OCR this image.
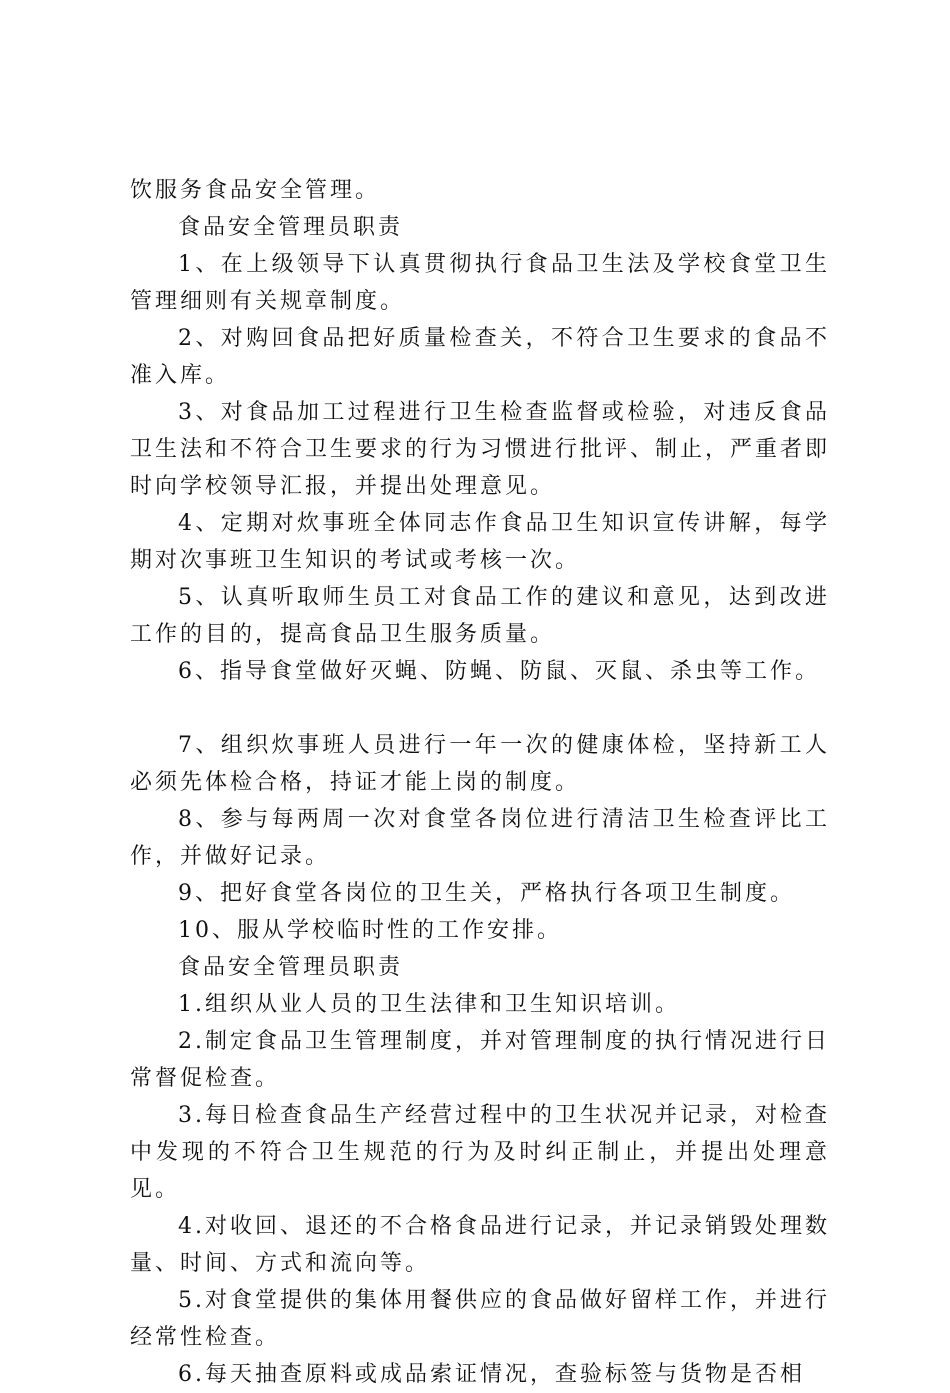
饮服务食品安全管理。

食品安全管理员职责

1、在上级领导下认真贯彻执行食品卫生法及学校食堂卫生管理细则有关规章制度。

2、对购回食品把好质量检查关，不符合卫生要求的食品不准入库。

3、对食品加工过程进行卫生检查监督或检验，对违反食品卫生法和不符合卫生要求的行为习惯进行批评、制止，严重者即时向学校领导汇报，并提出处理意见。

4、定期对炊事班全体同志作食品卫生知识宣传讲解，每学期对次事班卫生知识的考试或考核一次。

5、认真听取师生员工对食品工作的建议和意见，达到改进工作的目的，提高食品卫生服务质量。

6、指导食堂做好灭蝇、防蝇、防鼠、灭鼠、杀虫等工作。

7、组织炊事班人员进行一年一次的健康体检，坚持新工人必须先体检合格，持证才能上岗的制度。

8、参与每两周一次对食堂各岗位进行清洁卫生检查评比工作，并做好记录。

9、把好食堂各岗位的卫生关，严格执行各项卫生制度。

10、服从学校临时性的工作安排。

食品安全管理员职责

1.组织从业人员的卫生法律和卫生知识培训。

2.制定食品卫生管理制度，并对管理制度的执行情况进行日常督促检查。

3.每日检查食品生产经营过程中的卫生状况并记录，对检查中发现的不符合卫生规范的行为及时纠正制止，并提出处理意见。

4.对收回、退还的不合格食品进行记录，并记录销毁处理数量、时间、方式和流向等。

5.对食堂提供的集体用餐供应的食品做好留样工作，并进行经常性检查。

6.每天抽查原料或成品索证情况，查验标签与货物是否相
